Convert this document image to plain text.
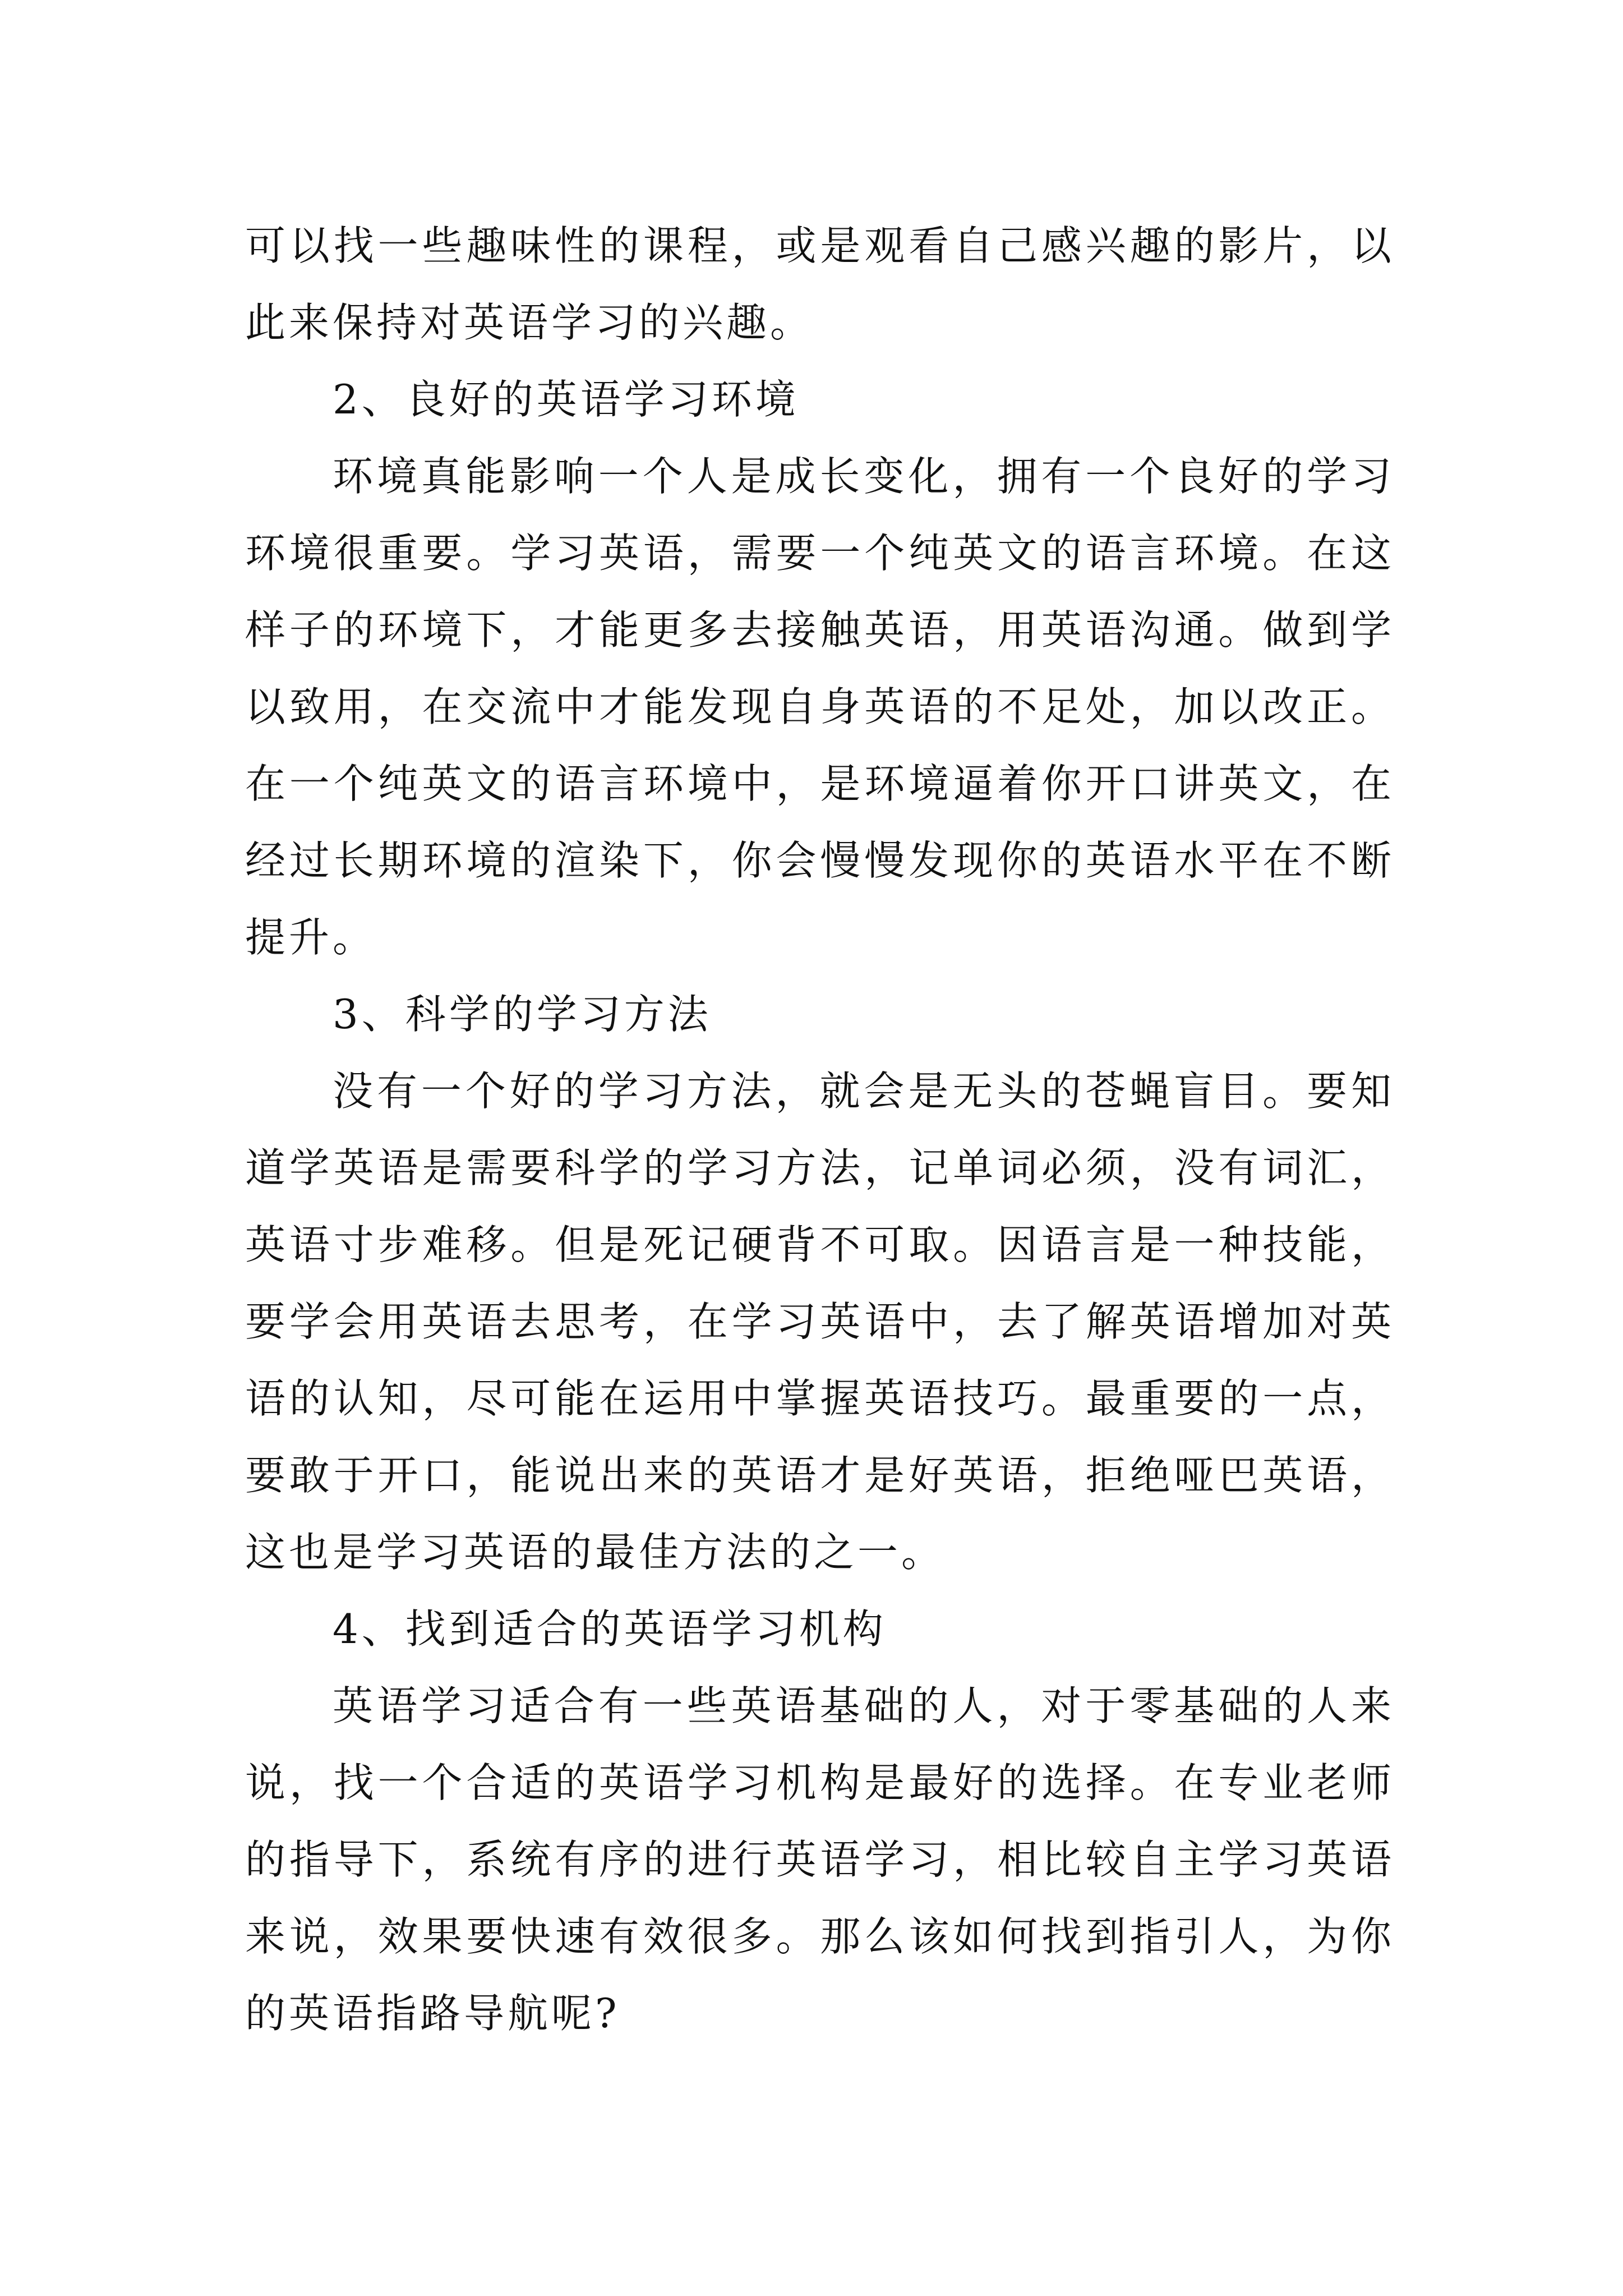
可以找一些趣味性的课程，或是观看自己感兴趣的影片，以此来保持对英语学习的兴趣。

2、良好的英语学习环境

环境真能影响一个人是成长变化，拥有一个良好的学习环境很重要。学习英语，需要一个纯英文的语言环境。在这样子的环境下，才能更多去接触英语，用英语沟通。做到学以致用，在交流中才能发现自身英语的不足处，加以改正。在一个纯英文的语言环境中，是环境逼着你开口讲英文，在经过长期环境的渲染下，你会慢慢发现你的英语水平在不断提升。

3、科学的学习方法

没有一个好的学习方法，就会是无头的苍蝇盲目。要知道学英语是需要科学的学习方法，记单词必须，没有词汇，英语寸步难移。但是死记硬背不可取。因语言是一种技能，要学会用英语去思考，在学习英语中，去了解英语增加对英语的认知，尽可能在运用中掌握英语技巧。最重要的一点，要敢于开口，能说出来的英语才是好英语，拒绝哑巴英语，这也是学习英语的最佳方法的之一。

4、找到适合的英语学习机构

英语学习适合有一些英语基础的人，对于零基础的人来说，找一个合适的英语学习机构是最好的选择。在专业老师的指导下，系统有序的进行英语学习，相比较自主学习英语来说，效果要快速有效很多。那么该如何找到指引人，为你的英语指路导航呢?
